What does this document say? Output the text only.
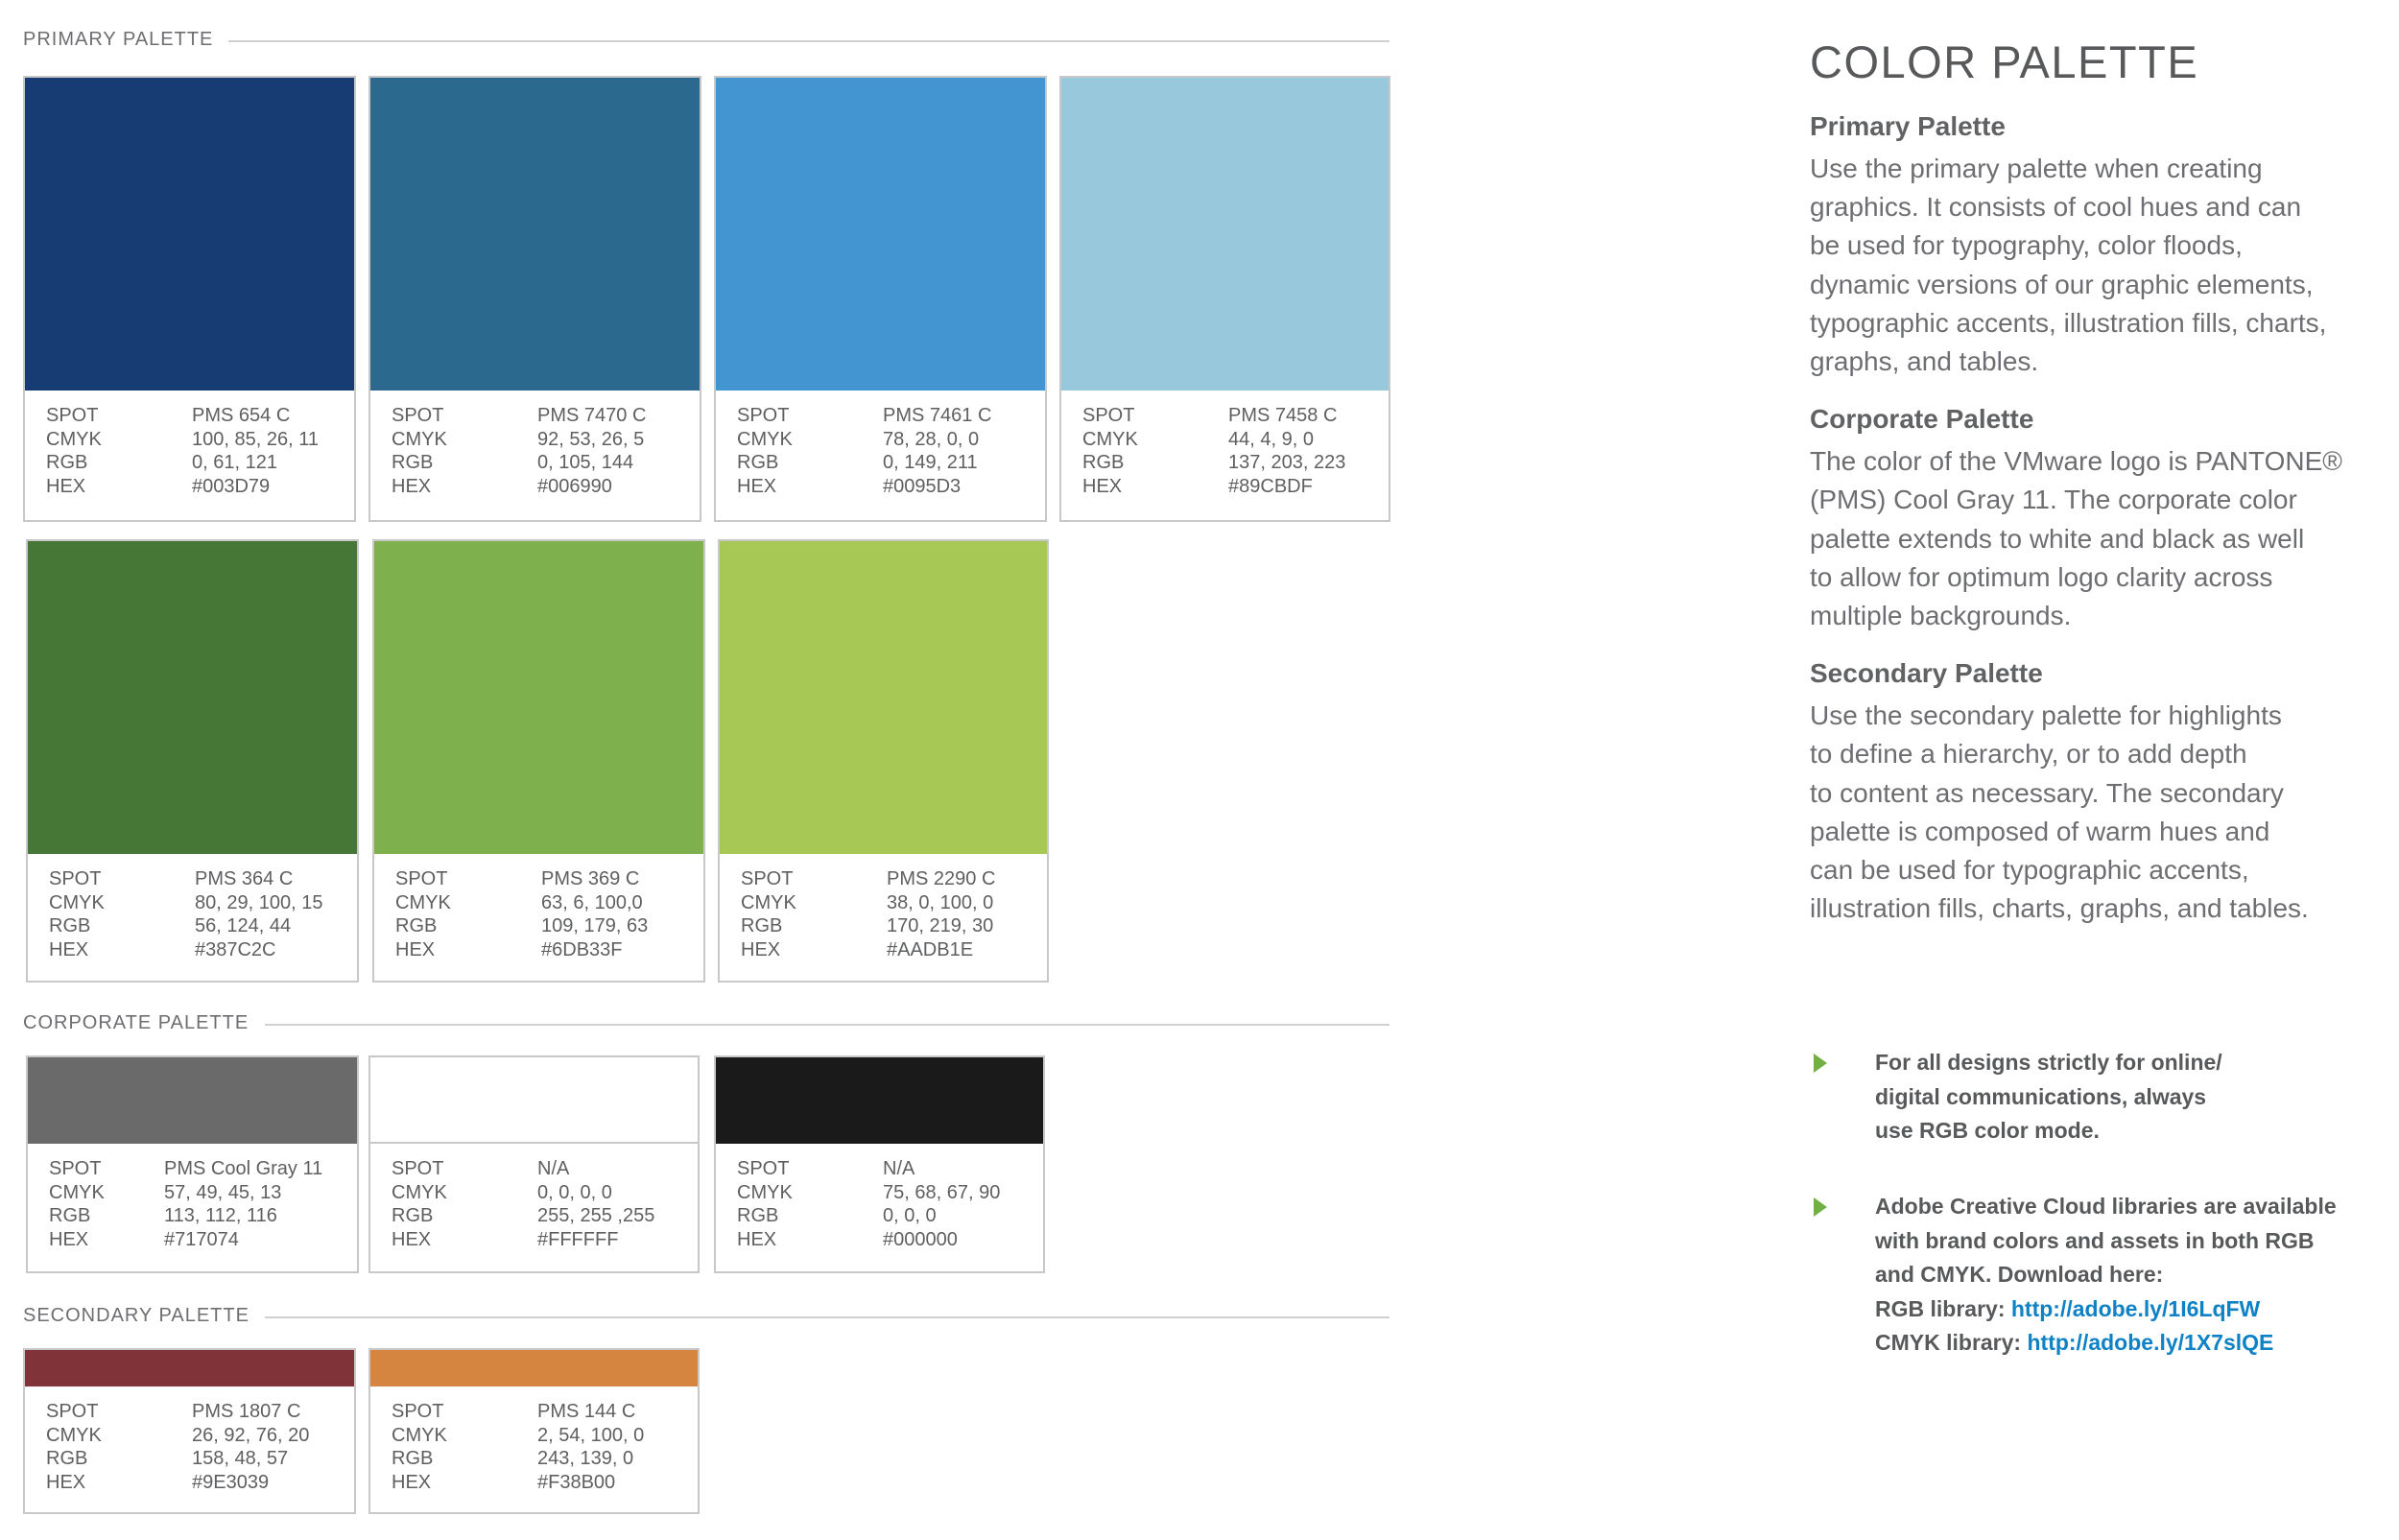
PRIMARY PALETTE
CORPORATE PALETTE
SECONDARY PALETTE
SPOT	PMS 654 C
CMYK	100, 85, 26, 11
RGB	0, 61, 121
HEX	#003D79
SPOT	PMS 7470 C
CMYK	92, 53, 26, 5
RGB	0, 105, 144
HEX	#006990
SPOT	PMS 7461 C
CMYK	78, 28, 0, 0
RGB	0, 149, 211
HEX	#0095D3
SPOT	PMS 7458 C
CMYK	44, 4, 9, 0
RGB	137, 203, 223
HEX	#89CBDF
SPOT	PMS 364 C
CMYK	80, 29, 100, 15
RGB	56, 124, 44
HEX	#387C2C
SPOT	PMS 369 C
CMYK	63, 6, 100,0
RGB	109, 179, 63
HEX	#6DB33F
SPOT	PMS 2290 C
CMYK	38, 0, 100, 0
RGB	170, 219, 30
HEX	#AADB1E
SPOT	PMS Cool Gray 11
CMYK	57, 49, 45, 13
RGB	113, 112, 116
HEX	#717074
SPOT	N/A
CMYK	0, 0, 0, 0
RGB	255, 255 ,255
HEX	#FFFFFF
SPOT	N/A
CMYK	75, 68, 67, 90
RGB	0, 0, 0
HEX	#000000
SPOT	PMS 1807 C
CMYK	26, 92, 76, 20
RGB	158, 48, 57
HEX	#9E3039
SPOT	PMS 144 C
CMYK	2, 54, 100, 0
RGB	243, 139, 0
HEX	#F38B00
COLOR PALETTE
Primary Palette
Use the primary palette when creating
graphics. It consists of cool hues and can
be used for typography, color floods,
dynamic versions of our graphic elements,
typographic accents, illustration fills, charts,
graphs, and tables.
Corporate Palette
The color of the VMware logo is PANTONE®
(PMS) Cool Gray 11. The corporate color
palette extends to white and black as well
to allow for optimum logo clarity across
multiple backgrounds.
Secondary Palette
Use the secondary palette for highlights
to define a hierarchy, or to add depth
to content as necessary. The secondary
palette is composed of warm hues and
can be used for typographic accents,
illustration fills, charts, graphs, and tables.
For all designs strictly for online/
digital communications, always
use RGB color mode.
Adobe Creative Cloud libraries are available
with brand colors and assets in both RGB
and CMYK. Download here:
RGB library: http://adobe.ly/1I6LqFW
CMYK library: http://adobe.ly/1X7slQE
